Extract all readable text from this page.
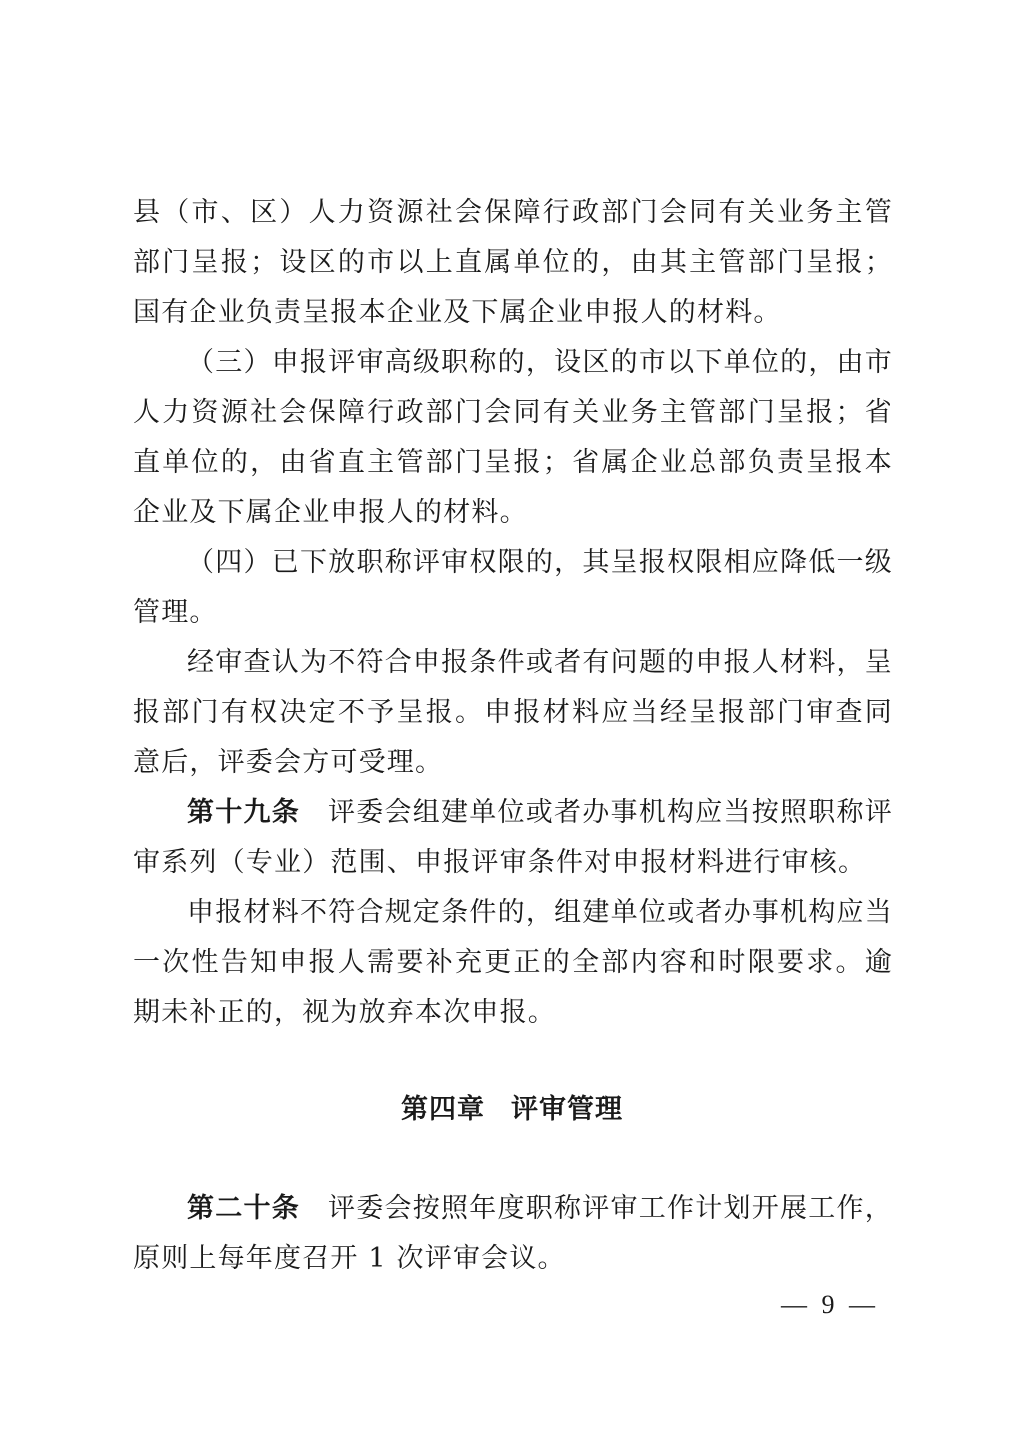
县（市、区）人力资源社会保障行政部门会同有关业务主管部门呈报；设区的市以上直属单位的，由其主管部门呈报；国有企业负责呈报本企业及下属企业申报人的材料。

（三）申报评审高级职称的，设区的市以下单位的，由市人力资源社会保障行政部门会同有关业务主管部门呈报；省直单位的，由省直主管部门呈报；省属企业总部负责呈报本企业及下属企业申报人的材料。

（四）已下放职称评审权限的，其呈报权限相应降低一级管理。

经审查认为不符合申报条件或者有问题的申报人材料，呈报部门有权决定不予呈报。申报材料应当经呈报部门审查同意后，评委会方可受理。

第十九条 评委会组建单位或者办事机构应当按照职称评审系列（专业）范围、申报评审条件对申报材料进行审核。

申报材料不符合规定条件的，组建单位或者办事机构应当一次性告知申报人需要补充更正的全部内容和时限要求。逾期未补正的，视为放弃本次申报。

第四章 评审管理

第二十条 评委会按照年度职称评审工作计划开展工作，原则上每年度召开 1 次评审会议。

— 9 —
